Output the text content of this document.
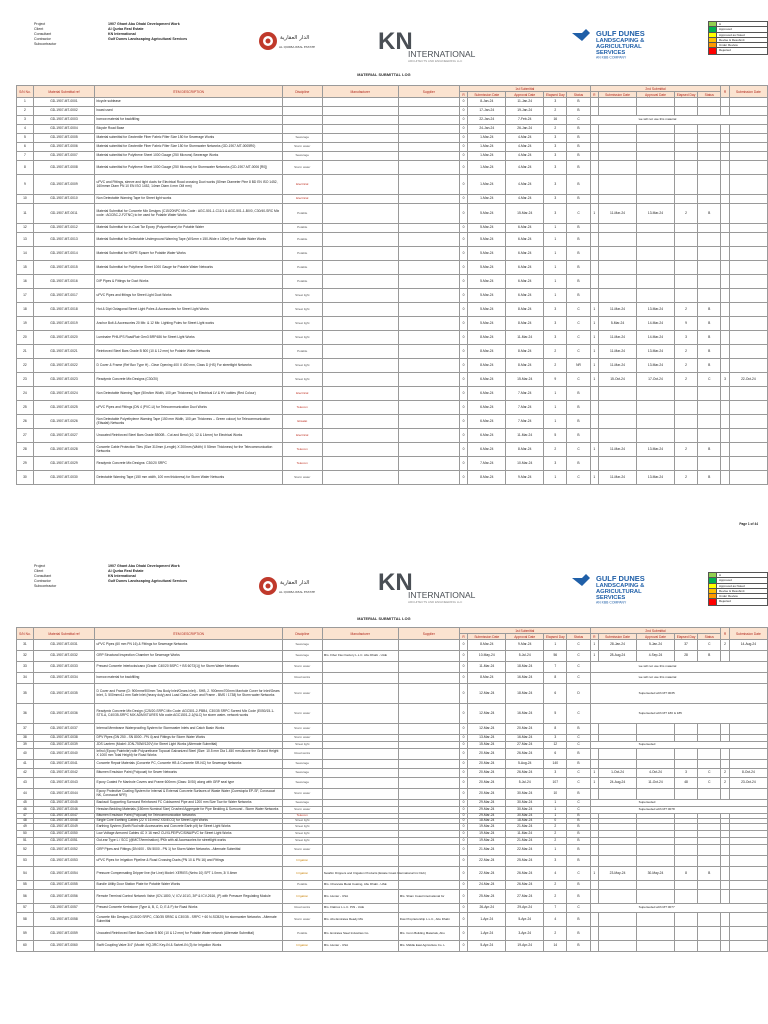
Project	1907 Ghant Abu Dhabi Development Work
Client	Al Qurba Real Estate
Consultant	KN International
Contractor	Gulf Dunes Landscaping Agricultural Services
Subcontractor
الدار العقارية
AL QURBA REAL ESTATE	KN
INTERNATIONAL
ARCHITECTS AND ENGINEERING LLC
GULF DUNES
LANDSCAPING &
AGRICULTURAL
SERVICES
AN KBB COMPANY
A
Approved
Approved as Noted
Revise & Resubmit
Under Review
Rejected
MATERIAL SUBMITTAL LOG
S/N No.	Material Submittal ref	ITEM DESCRIPTION	Discipline	Manufacturer	Supplier	1st Submittal					2nd Submittal					R	Submission Date
						R	Submission Date	Approval Date	Elapsed Day	Status	R	Submission Date	Approval Date	Elapsed Day	Status		
1	GD-1907-MT-0001	bicycle sublease				0	8-Jan-24	11-Jan-24	3	B							
2	GD-1907-MT-0002	boast used				0	17-Jan-24	19-Jan-24	2	B							
3	GD-1907-MT-0003	borrow material for backfilling				0	22-Jan-24	7-Feb-24	16	C	we will not use this material						
4	GD-1907-MT-0004	Bicycle Road Base				0	24-Jan-24	26-Jan-24	2	B							
5	GD-1907-MT-0005	Material submittal for Geotextile Fiber Fabric Filter Size 150 for Sewerage Works	Sewerage			0	1-Mar-24	4-Mar-24	3	B							
6	GD-1907-MT-0006	Material submittal for Geotextile Fiber Fabric Filter Size 150 for Stormwater Networks (GD-1907-MT-0005R0)	Storm water			0	1-Mar-24	4-Mar-24	3	B							
7	GD-1907-MT-0007	Material submittal for Polythene Sheet 1000 Gauge (250 Microns) Sewerage Works	Sewerage			0	1-Mar-24	4-Mar-24	3	B							
8	GD-1907-MT-0008	Material submittal for Polythene Sheet 1000 Gauge (250 Microns) for Stormwater Networks (GD-1907-MT-0006 [R0])	Storm water			0	1-Mar-24	4-Mar-24	3	B							
9	GD-1907-MT-0009	uPVC and Fittings, sleeve and tight ducts for Electrical Road crossing Duct works (50mm Diameter Pine 8 BD EN ISO 1452, 160mmm Diam PN 10 EN ISO 1452, 14mm Diam 4 mm OM mm)	Electrical			0	1-Mar-24	4-Mar-24	3	B							
10	GD-1907-MT-0010	Non Detectable Warning Tape for Street light works	Electrical			0	1-Mar-24	4-Mar-24	3	B							
11	GD-1907-MT-0011	Material Submittal for Concrete Mix Designs (C15/20NPC Mix Code : AGC-501-1-C11/1 & AGC-501-1-B0/0, C30/40-SRC Mix code : AGCBC-2-F2TNC) to be used for Potable Water Works	Potable			0	5-Mar-24	15-Mar-24	3	C	1	11-Mar-24	13-Mar-24	2	B		
12	GD-1907-MT-0012	Material Submittal for In-Coat Tar Epoxy (Polyurethane) for Potable Water	Potable			0	5-Mar-24	6-Mar-24	1	B							
13	GD-1907-MT-0013	Material Submittal for Detectable Underground Warning Tape (W/1mm x 150-Wide x 100m) for Potable Water Works	Potable			0	5-Mar-24	6-Mar-24	1	B							
14	GD-1907-MT-0014	Material Submittal for HDPE Spacer for Potable Water Works	Potable			0	5-Mar-24	6-Mar-24	1	B							
15	GD-1907-MT-0015	Material Submittal for Polythene Sheet 1000 Gauge for Potable Water Networks	Potable			0	5-Mar-24	6-Mar-24	1	B							
16	GD-1907-MT-0016	DIP Pipes & Fittings for Duct Works	Potable			0	5-Mar-24	6-Mar-24	1	B							
17	GD-1907-MT-0017	uPVC Pipes and fittings for Street Light Duct Works	Street light			0	5-Mar-24	6-Mar-24	1	B							
18	GD-1907-MT-0018	Hot & Dipt Octagonal Street Light Poles & Accessories for Street Light Works	Street light			0	5-Mar-24	8-Mar-24	3	C	1	11-Mar-24	13-Mar-24	2	B		
19	GD-1907-MT-0019	Anchor Bolt & Accessories 20 Mtr. & 12 Mtr. Lighting Poles for Street Light works	Street light			0	5-Mar-24	8-Mar-24	3	C	1	5-Mar-24	14-Mar-24	9	B		
20	GD-1907-MT-0020	Luminaire PHILIPS RoadFlair Gen3 BRP486 for Street Light Works	Street light			0	8-Mar-24	11-Mar-24	3	C	1	11-Mar-24	14-Mar-24	3	B		
21	GD-1907-MT-0021	Reinforced Steel Bars Grade B 500 (10 & 12 mm) for Potable Water Networks	Potable			0	8-Mar-24	8-Mar-24	2	C	1	11-Mar-24	13-Mar-24	2	B		
22	GD-1907-MT-0022	D Cover & Frame (Ref Box Type H) - Clear Opening 400 X 400 mm, Class D (HS) For streetlight Networks	Street light			0	8-Mar-24	8-Mar-24	2	NR	1	11-Mar-24	13-Mar-24	2	B		
23	GD-1907-MT-0023	Readymix Concrete Mix Designs (C30/20)	Street light			0	6-Mar-24	15-Mar-24	9	C	1	15-Oct-24	17-Oct-24	2	C	3	22-Oct-24
24	GD-1907-MT-0024	Non Detectable Warning Tape (50m/km Width, 100 µm Thickness) for Electrical LV & HV cables (Red Colour)	Electrical			0	6-Mar-24	7-Mar-24	1	B							
25	GD-1907-MT-0025	uPVC Pipes and Fittings (DN 4 (PVC-U) for Telecommunication Duct Works	Telecom			0	6-Mar-24	7-Mar-24	1	B							
26	GD-1907-MT-0026	Non Detectable Polyethylene Warning Tape (150 mm Width, 100 µm Thickness -- Green colour) for Telecommunication (Etisalat) Networks	Etisalat			0	6-Mar-24	7-Mar-24	1	B							
27	GD-1907-MT-0027	Uncoated Reinforced Steel Bars Grade B500B - Cut and Bend (10, 12 & 14mm) for Electrical Works	Electrical			0	6-Mar-24	11-Mar-24	5	B							
28	GD-1907-MT-0028	Concrete Cable Protection Tiles (Size 310mm (Length) X 200mm (Width) X 50mm Thickness) for the Telecommunication Networks	Telecom			0	6-Mar-24	8-Mar-24	2	C	1	11-Mar-24	13-Mar-24	2	B		
29	GD-1907-MT-0029	Readymix Concrete Mix Designs: C30/20 SRPC	Telecom			0	7-Mar-24	10-Mar-24	3	B							
30	GD-1907-MT-0030	Detectable Warning Tape (150 mm width, 100 mm thickness) for Storm Water Networks	Storm water			0	8-Mar-24	9-Mar-24	1	C	1	11-Mar-24	13-Mar-24	2	B		
Page 1 of 44
Project	1907 Ghant Abu Dhabi Development Work
Client	Al Qurba Real Estate
Consultant	KN International
Contractor	Gulf Dunes Landscaping Agricultural Services
Subcontractor
الدار العقارية
AL QURBA REAL ESTATE	KN
INTERNATIONAL
ARCHITECTS AND ENGINEERING LLC
GULF DUNES
LANDSCAPING &
AGRICULTURAL
SERVICES
AN KBB COMPANY
A
Approved
Approved as Noted
Revise & Resubmit
Under Review
Rejected
MATERIAL SUBMITTAL LOG
S/N No.	Material Submittal ref	ITEM DESCRIPTION	Discipline	Manufacturer	Supplier	1st Submittal					2nd Submittal					R	Submission Date
						R	Submission Date	Approval Date	Elapsed Day	Status	R	Submission Date	Approval Date	Elapsed Day	Status		
31	GD-1907-MT-0031	uPVC Pipes (60 mm PN 16) & Fittings for Sewerage Networks	Sewerage			0	8-Mar-24	9-Mar-24	1	C	1	28-Jan-24	5-Jan-24	37	C	2	14-Aug-24
32	GD-1907-MT-0032	GRP Structural Inspection Chamber for Sewerage Works	Sewerage	M/s. Fiber Flex Factory L.L.C. Abu Dhabi - UAE		0	10-May-24	5-Jul-24	56	C	1	28-Aug-24	4-Sep-24	28	B		
33	GD-1907-MT-0033	Precast Concrete Interlocks/cano (Grade: C40/20 BSPC + BS 6073(1)) for Storm Water Networks	Storm water			0	11-Mar-24	18-Mar-24	7	C	we will not use this material						
34	GD-1907-MT-0034	borrow material for backfilling	Road works			0	8-Mar-24	16-Mar-24	8	C	we will not use this material						
35	GD-1907-MT-0035	D Cover and Frame (D: 900mmx900mm Tow Body Inlet/Gears Inlet) - SHB, 2. 900mmx700mm Manhole Cover for Inlet/Gears Inlet, 3. 500mmx11 mm Safe Inlet (heavy duty) and Load Class Cover and Frame - BMS / 1738) for Storm water Networks	Storm water			0	12-Mar-24	18-Mar-24	6	D	Superseded with MT 0035						
36	GD-1907-MT-0036	Readymix Concrete Mix Design (C25/20-SRPC Mix Code: AGC501-2-PBB4, C30/35 SRPC Screed Mix Code (E050/15-1-STS-A, C40/35-SRPC MIX ADMIXTURES Mix code:AGC1501-2-1(NLC) for storm water- network works	Storm water			0	12-Mar-24	16-Mar-24	5	C	Superseded with MT 180 & 185						
37	GD-1907-MT-0037	Internal Membrane Waterproofing System for Stormwater Inlets and Catch Basin Works	Storm water			0	12-Mar-24	20-Mar-24	8	B							
38	GD-1907-MT-0038	DPV Pipes (DN 250 - SN 8000 - PN 4) and Fittings for Storm Water Works	Storm water			0	13-Mar-24	16-Mar-24	3	C							
39	GD-1907-MT-0039	JDS Lantern (Model: JDN-750W/120V) for Street Light Works (Alternate Submittal)	Street light			0	15-Mar-24	27-Mar-24	12	C	Superseded						
40	GD-1907-MT-0040	Infirol (Epoxy Paintnite) with Polyurethane Topcoat Galvanized Steel (Size: 10.5 mm Dia 1.450 mm Above the Ground Height X 1000 mm Total Height) for Road Works	Road works			0	20-Mar-24	26-Mar-24	6	B							
41	GD-1907-MT-0041	Concrete Repair Materials (Concrete PC, Concrete HB & Concrete SR-NC) for Sewerage Networks	Sewerage			0	20-Mar-24	5-Aug-24	140	B							
42	GD-1907-MT-0042	Bitumen Emulsion Paint (Polycoat) for Sewer Networks	Sewerage			0	20-Mar-24	26-Mar-24	3	C	1	1-Oct-24	4-Oct-24	3	C	2	8-Oct-24
43	GD-1907-MT-0043	Epoxy Coated Fe Manhole Covers and Frame 600mm (Class: D/S0) along with GRP seal type	Sewerage			0	20-Mar-24	5-Jul-24	107	C	1	24-Aug-24	11-Oct-24	48	C	2	23-Oct-24
44	GD-1907-MT-0044	Epoxy Protective Coating System for Internal & External Concrete Surfaces of Waste Water (Curestopia EP-SF, Coroscoat NK, Coroscoat NFR)	Storm water			0	20-Mar-24	30-Mar-24	10	B							
45	GD-1907-MT-0045	Backsoil Supporting Surround Reinforced FC Coldscreed Pipe and 1200 mm Size Tow for Water Networks	Sewerage			0	29-Mar-24	30-Mar-24	1	C	Superseded						
46	GD-1907-MT-0046	Hessian Bedding Materials (150mm Nominal Size) Crushed Aggregate for Pipe Bedding & Surround - Storm Water Networks	Storm water			0	29-Mar-24	30-Mar-24	1	C	Superseded with MT 0078						
47	GD-1907-MT-0047	Bitumen Emulsion Paint (Polycoat) for Telecommunication Networks	Telecom			0	29-Mar-24	30-Mar-24	1	B							
48	GD-1907-MT-0048	Single Core Earthing Cables (22 X 16 mm2 XSI/ECG) for Street Light Works	Street light			0	18-Mar-24	18-Mar-24	0	B							
49	GD-1907-MT-0049	Earthing System (Earth Rod with Accessories and Concrete Earth pit) for Street Light Works	Street light			0	19-Mar-24	21-Mar-24	2	B							
50	GD-1907-MT-0050	Low Voltage Armored Cables 4C X 16 mm2 CU/XLPE/PVC/SWA/PVC for Street Light Works	Street light			0	19-Mar-24	11-Mar-24	2	B							
51	GD-1907-MT-0051	Out-ear Type L / SCC (@MCT/termination) /PKb with all Accessories for streetlight works	Street light			0	19-Mar-24	21-Mar-24	2	B							
52	GD-1907-MT-0052	GRP Pipes and Fittings (DN 600 - SN 5000 - PN 1) for Storm Water Networks - Alternate Submittal	Storm water			0	21-Mar-24	22-Mar-24	1	B							
53	GD-1907-MT-0053	uPVC Pipes for Irrigation Pipeline & Road Crossing Ducts (PN 10 & PN 16) and Fittings	Irrigation			0	22-Mar-24	25-Mar-24	3	B							
54	GD-1907-MT-0054	Pressure Compensating Dripper line (for Line) Model: XERIES (Netro 10) SPT 1.0mm, 3/ 0.6mm	Irrigation	Netafim Drippers and Irrigation Products (Estate Coast International Inc Dub)		0	22-Mar-24	26-Mar-24	4	C	1	23-May-24	30-May-24	8	B		
55	GD-1907-MT-0055	Bundle Utility Door Station Plate for Potable Water Works	Potable	M/s. Chancela Metal Coating, Abu Dhabi - UAE		0	24-Mar-24	26-Mar-24	2	B							
56	GD-1907-MT-0056	Remote Terminal Control Network Valve (ICV-1800, V, ICV-101G, 3/P & ICV-2616, (P) with Pressure Regulating Module	Irrigation	M/s. Hunter - USA	M/s. Sham Coast International for	0	25-Mar-24	27-Mar-24	2	B							
57	GD-1907-MT-0057	Precast Concrete Kerbstone (Type A, B, C, D, E & F) for Road Works	Road works	M/s. Flabrox L.L.C. Pthl - UAE		0	26-Apr-24	29-Apr-24	7	C	Superseded with MT 0077						
58	GD-1907-MT-0058	Concrete Mix Designs (C15/20 SRPC, C30/35 SRBC & C30/35 - SRPC + 60 N-SCB20) for stormwater Networks - Alternate Submittal	Storm water	M/s. Abu Emirates Ready Mix	Dow Proprietorship L.L.C., Abu Dhabi	0	1-Apr-24	5-Apr-24	4	B							
59	GD-1907-MT-0059	Uncoated Reinforced Steel Bars Grade B 500 (10 & 12 mm) for Potable Water network (Alternate Submittal)	Potable	M/s. Emirates Steel Industries Co.	M/s. Conn Building Materials, Abu	0	1-Apr-24	3-Apr-24	2	B							
60	GD-1907-MT-0060	Swift Coupling Valve 3/4" (Model: HQ-3RC Key-IN & Swivel-IN (3) for Irrigation Works	Irrigation	M/s. Hunter - USA	M/s. Middle East Agriculture Co. L	0	5-Apr-24	19-Apr-24	14	B							
